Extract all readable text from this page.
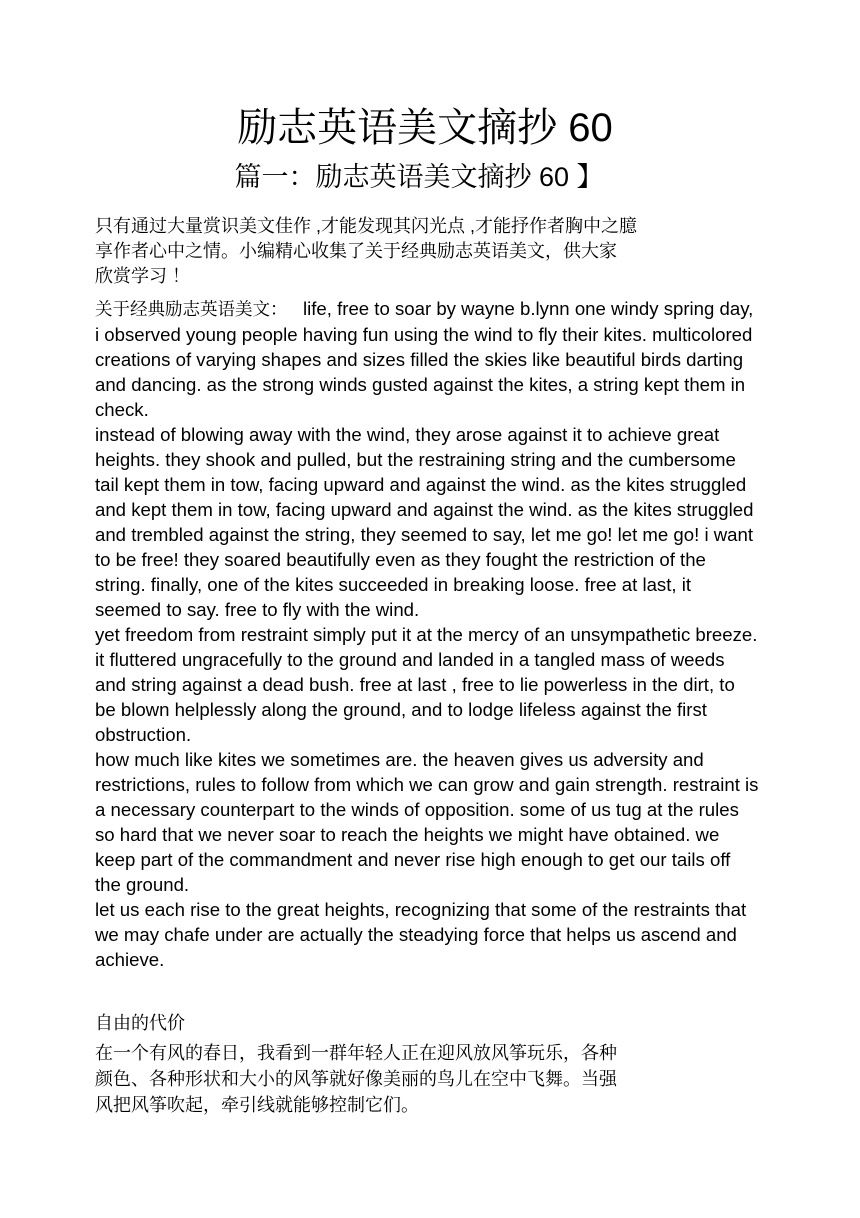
励志英语美文摘抄 60
篇一：励志英语美文摘抄 60 】
只有通过大量赏识美文佳作 ,才能发现其闪光点 ,才能抒作者胸中之臆
享作者心中之情。小编精心收集了关于经典励志英语美文，供大家
欣赏学习 ！
关于经典励志英语美文： life, free to soar by wayne b.lynn one windy spring day, i observed young people having fun using the wind to fly their kites. multicolored creations of varying shapes and sizes filled the skies like beautiful birds darting and dancing. as the strong winds gusted against the kites, a string kept them in check.
instead of blowing away with the wind, they arose against it to achieve great heights. they shook and pulled, but the restraining string and the cumbersome tail kept them in tow, facing upward and against the wind. as the kites struggled and kept them in tow, facing upward and against the wind. as the kites struggled and trembled against the string, they seemed to say, let me go! let me go! i want to be free! they soared beautifully even as they fought the restriction of the string. finally, one of the kites succeeded in breaking loose. free at last, it seemed to say. free to fly with the wind.
yet freedom from restraint simply put it at the mercy of an unsympathetic breeze. it fluttered ungracefully to the ground and landed in a tangled mass of weeds and string against a dead bush. free at last , free to lie powerless in the dirt, to be blown helplessly along the ground, and to lodge lifeless against the first obstruction.
how much like kites we sometimes are. the heaven gives us adversity and restrictions, rules to follow from which we can grow and gain strength. restraint is a necessary counterpart to the winds of opposition. some of us tug at the rules so hard that we never soar to reach the heights we might have obtained. we keep part of the commandment and never rise high enough to get our tails off the ground.
let us each rise to the great heights, recognizing that some of the restraints that we may chafe under are actually the steadying force that helps us ascend and achieve.
自由的代价
在一个有风的春日，我看到一群年轻人正在迎风放风筝玩乐，各种
颜色、各种形状和大小的风筝就好像美丽的鸟儿在空中飞舞。当强
风把风筝吹起，牵引线就能够控制它们。
